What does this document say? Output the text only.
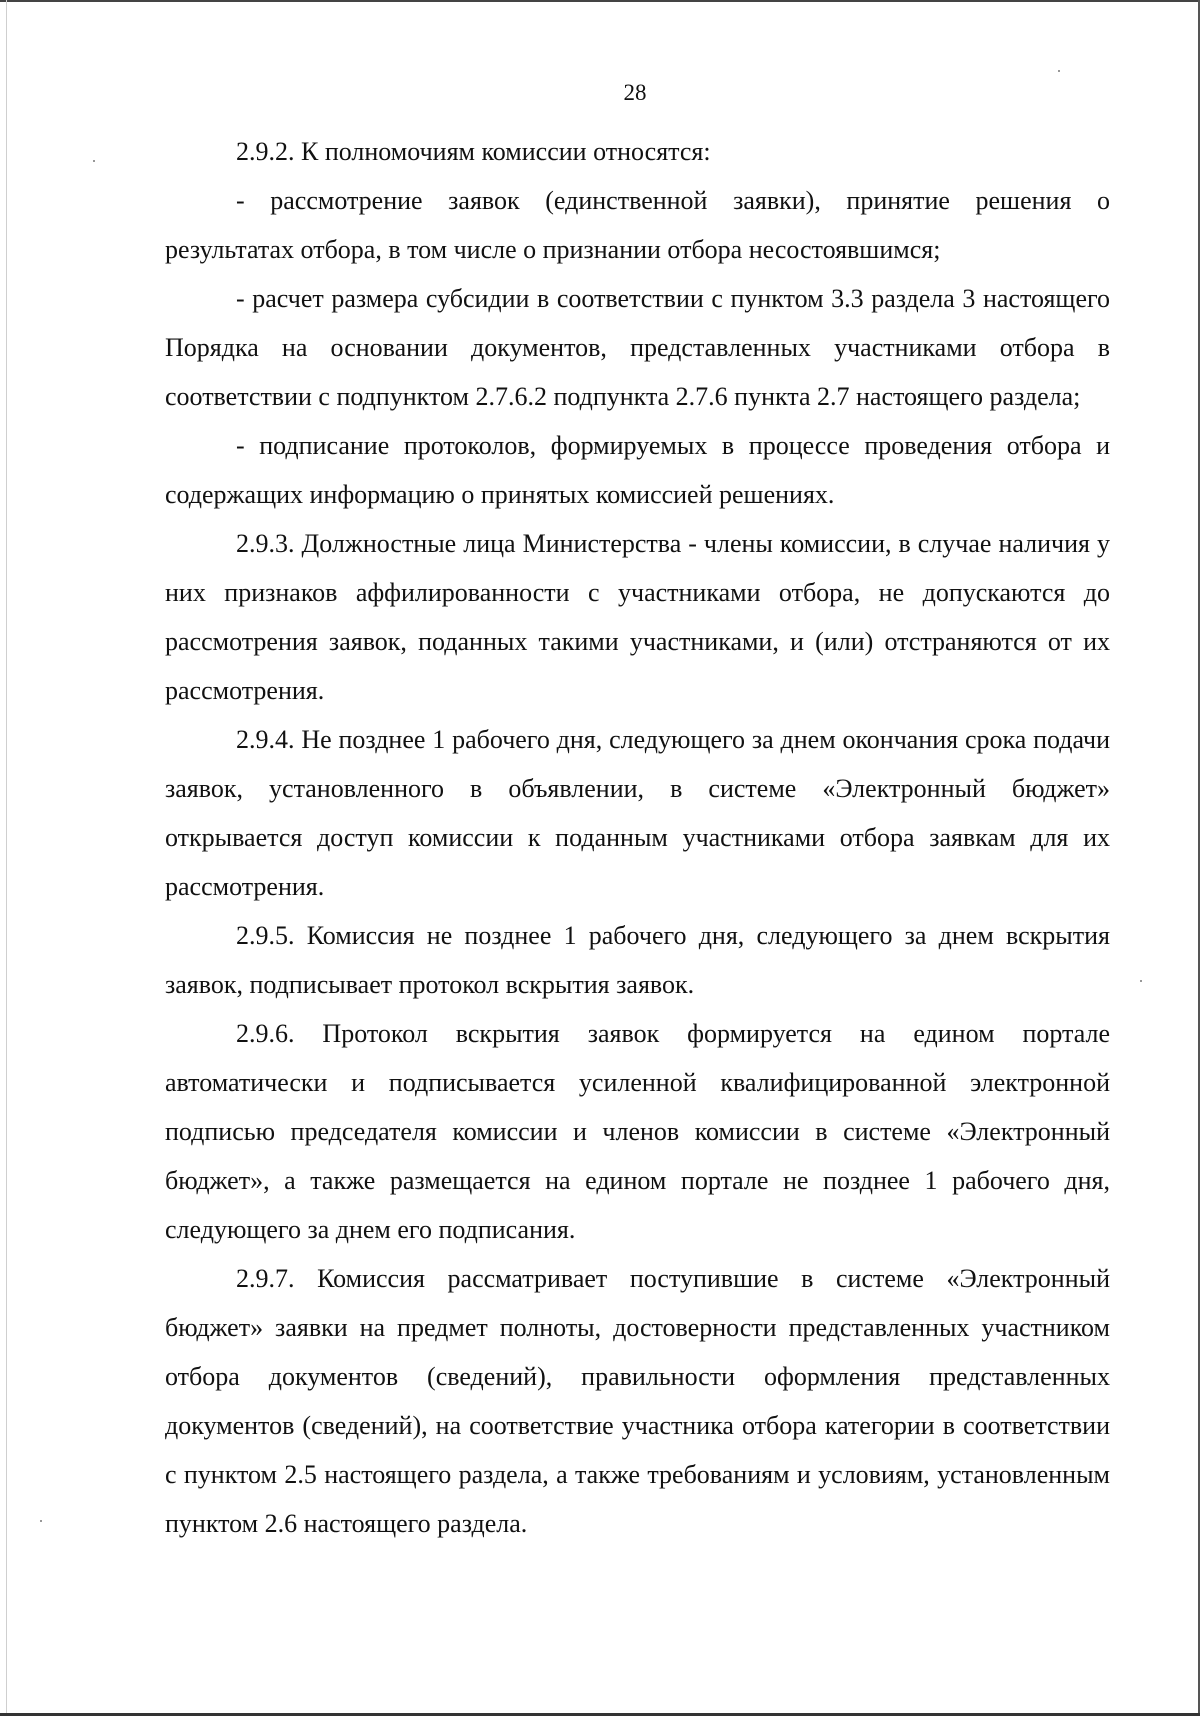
28

2.9.2. К полномочиям комиссии относятся:

- рассмотрение заявок (единственной заявки), принятие решения о результатах отбора, в том числе о признании отбора несостоявшимся;

- расчет размера субсидии в соответствии с пунктом 3.3 раздела 3 настоящего Порядка на основании документов, представленных участниками отбора в соответствии с подпунктом 2.7.6.2 подпункта 2.7.6 пункта 2.7 настоящего раздела;

- подписание протоколов, формируемых в процессе проведения отбора и содержащих информацию о принятых комиссией решениях.

2.9.3. Должностные лица Министерства - члены комиссии, в случае наличия у них признаков аффилированности с участниками отбора, не допускаются до рассмотрения заявок, поданных такими участниками, и (или) отстраняются от их рассмотрения.

2.9.4. Не позднее 1 рабочего дня, следующего за днем окончания срока подачи заявок, установленного в объявлении, в системе «Электронный бюджет» открывается доступ комиссии к поданным участниками отбора заявкам для их рассмотрения.

2.9.5. Комиссия не позднее 1 рабочего дня, следующего за днем вскрытия заявок, подписывает протокол вскрытия заявок.

2.9.6. Протокол вскрытия заявок формируется на едином портале автоматически и подписывается усиленной квалифицированной электронной подписью председателя комиссии и членов комиссии в системе «Электронный бюджет», а также размещается на едином портале не позднее 1 рабочего дня, следующего за днем его подписания.

2.9.7. Комиссия рассматривает поступившие в системе «Электронный бюджет» заявки на предмет полноты, достоверности представленных участником отбора документов (сведений), правильности оформления представленных документов (сведений), на соответствие участника отбора категории в соответствии с пунктом 2.5 настоящего раздела, а также требованиям и условиям, установленным пунктом 2.6 настоящего раздела.
